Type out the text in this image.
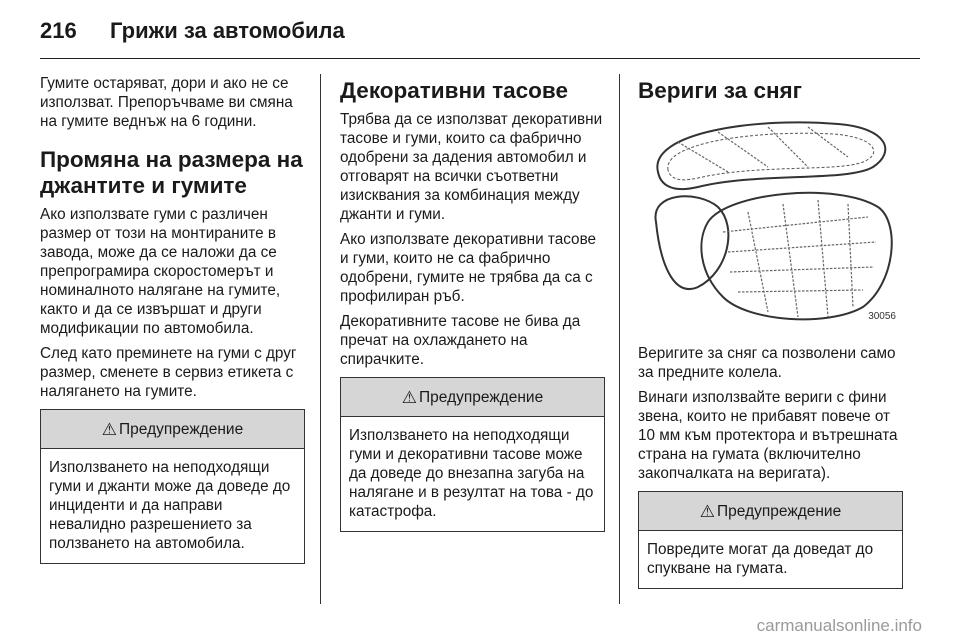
216	Грижи за автомобила

Гумите остаряват, дори и ако не се използват. Препоръчваме ви смяна на гумите веднъж на 6 години.

Промяна на размера на джантите и гумите

Ако използвате гуми с различен размер от този на монтираните в завода, може да се наложи да се препрограмира скоростомерът и номиналното налягане на гумите, както и да се извършат и други модификации по автомобила.

След като преминете на гуми с друг размер, сменете в сервиз етикета с налягането на гумите.

⚠ Предупреждение
Използването на неподходящи гуми и джанти може да доведе до инциденти и да направи невалидно разрешението за ползването на автомобила.
Декоративни тасове

Трябва да се използват декоративни тасове и гуми, които са фабрично одобрени за дадения автомобил и отговарят на всички съответни изисквания за комбинация между джанти и гуми.

Ако използвате декоративни тасове и гуми, които не са фабрично одобрени, гумите не трябва да са с профилиран ръб.

Декоративните тасове не бива да пречат на охлаждането на спирачките.

⚠ Предупреждение
Използването на неподходящи гуми и декоративни тасове може да доведе до внезапна загуба на налягане и в резултат на това - до катастрофа.
Вериги за сняг
30056

Веригите за сняг са позволени само за предните колела.

Винаги използвайте вериги с фини звена, които не прибавят повече от 10 мм към протектора и вътрешната страна на гумата (включително закопчалката на веригата).

⚠ Предупреждение
Повредите могат да доведат до спукване на гумата.
carmanualsonline.info
